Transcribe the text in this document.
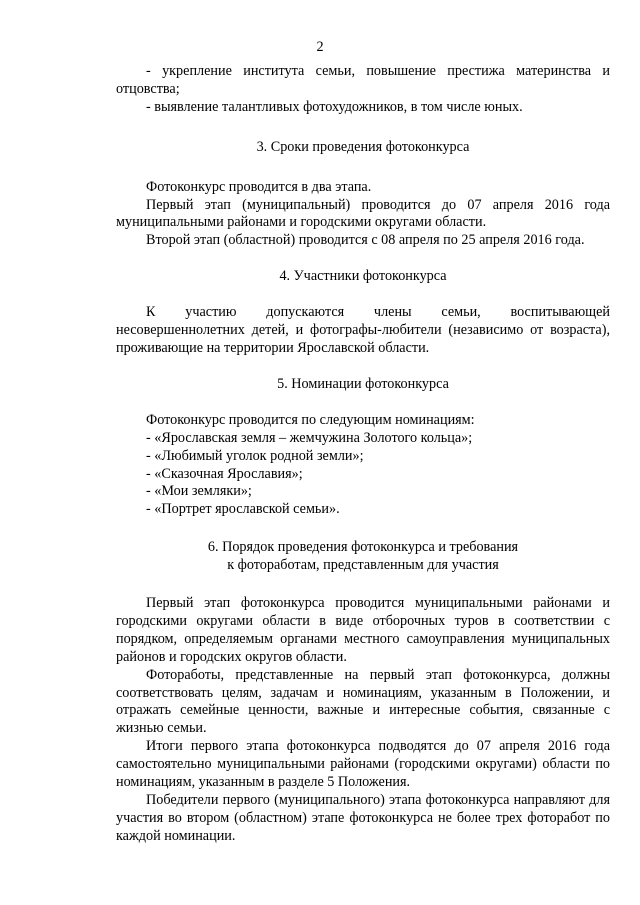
2

- укрепление института семьи, повышение престижа материнства и отцовства;

- выявление талантливых фотохудожников, в том числе юных.

3. Сроки проведения фотоконкурса

Фотоконкурс проводится в два этапа.

Первый этап (муниципальный) проводится до 07 апреля 2016 года муниципальными районами и городскими округами области.

Второй этап (областной) проводится с 08 апреля по 25 апреля 2016 года.

4. Участники фотоконкурса

К участию допускаются члены семьи, воспитывающей несовершеннолетних детей, и фотографы-любители (независимо от возраста), проживающие на территории Ярославской области.

5. Номинации фотоконкурса

Фотоконкурс проводится по следующим номинациям:

- «Ярославская земля – жемчужина Золотого кольца»;

- «Любимый уголок родной земли»;

- «Сказочная Ярославия»;

- «Мои земляки»;

- «Портрет ярославской семьи».

6. Порядок проведения фотоконкурса и требования
к фотоработам, представленным для участия

Первый этап фотоконкурса проводится муниципальными районами и городскими округами области в виде отборочных туров в соответствии с порядком, определяемым органами местного самоуправления муниципальных районов и городских округов области.

Фотоработы, представленные на первый этап фотоконкурса, должны соответствовать целям, задачам и номинациям, указанным в Положении, и отражать семейные ценности, важные и интересные события, связанные с жизнью семьи.

Итоги первого этапа фотоконкурса подводятся до 07 апреля 2016 года самостоятельно муниципальными районами (городскими округами) области по номинациям, указанным в разделе 5 Положения.

Победители первого (муниципального) этапа фотоконкурса направляют для участия во втором (областном) этапе фотоконкурса не более трех фоторабот по каждой номинации.
